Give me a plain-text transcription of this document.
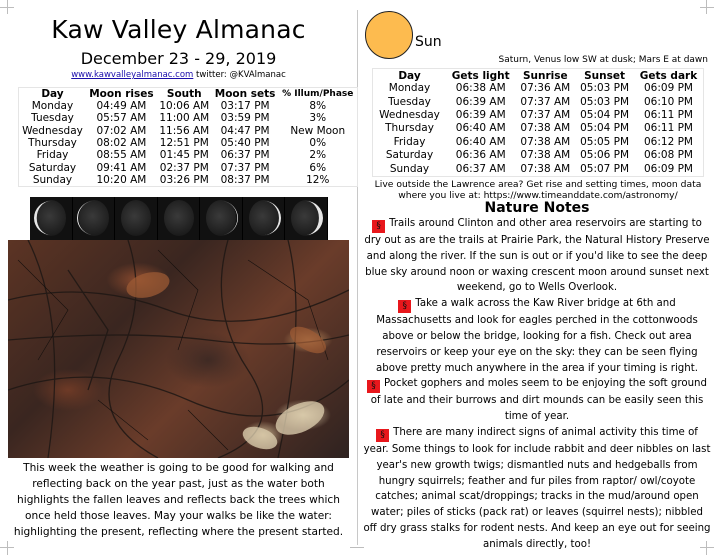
Kaw Valley Almanac
December 23 - 29, 2019
www.kawvalleyalmanac.com twitter: @KVAlmanac
Day	Moon rises	South	Moon sets	% Illum/Phase
Monday	04:49 AM	10:06 AM	03:17 PM	8%
Tuesday	05:57 AM	11:00 AM	03:59 PM	3%
Wednesday	07:02 AM	11:56 AM	04:47 PM	New Moon
Thursday	08:02 AM	12:51 PM	05:40 PM	0%
Friday	08:55 AM	01:45 PM	06:37 PM	2%
Saturday	09:41 AM	02:37 PM	07:37 PM	6%
Sunday	10:20 AM	03:26 PM	08:37 PM	12%
This week the weather is going to be good for walking and reflecting back on the year past, just as the water both highlights the fallen leaves and reflects back the trees which once held those leaves. May your walks be like the water: highlighting the present, reflecting where the present started.
Sun
Saturn, Venus low SW at dusk; Mars E at dawn
Day	Gets light	Sunrise	Sunset	Gets dark
Monday	06:38 AM	07:36 AM	05:03 PM	06:09 PM
Tuesday	06:39 AM	07:37 AM	05:03 PM	06:10 PM
Wednesday	06:39 AM	07:37 AM	05:04 PM	06:11 PM
Thursday	06:40 AM	07:38 AM	05:04 PM	06:11 PM
Friday	06:40 AM	07:38 AM	05:05 PM	06:12 PM
Saturday	06:36 AM	07:38 AM	05:06 PM	06:08 PM
Sunday	06:37 AM	07:38 AM	05:07 PM	06:09 PM
Live outside the Lawrence area? Get rise and setting times, moon data where you live at: https://www.timeanddate.com/astronomy/
Nature Notes

§ Trails around Clinton and other area reservoirs are starting to dry out as are the trails at Prairie Park, the Natural History Preserve and along the river. If the sun is out or if you'd like to see the deep blue sky around noon or waxing crescent moon around sunset next weekend, go to Wells Overlook.

§ Take a walk across the Kaw River bridge at 6th and Massachusetts and look for eagles perched in the cottonwoods above or below the bridge, looking for a fish. Check out area reservoirs or keep your eye on the sky: they can be seen flying above pretty much anywhere in the area if your timing is right.

§ Pocket gophers and moles seem to be enjoying the soft ground of late and their burrows and dirt mounds can be easily seen this time of year.

§ There are many indirect signs of animal activity this time of year. Some things to look for include rabbit and deer nibbles on last year's new growth twigs; dismantled nuts and hedgeballs from hungry squirrels; feather and fur piles from raptor/ owl/coyote catches; animal scat/droppings; tracks in the mud/around open water; piles of sticks (pack rat) or leaves (squirrel nests); nibbled off dry grass stalks for rodent nests. And keep an eye out for seeing animals directly, too!
